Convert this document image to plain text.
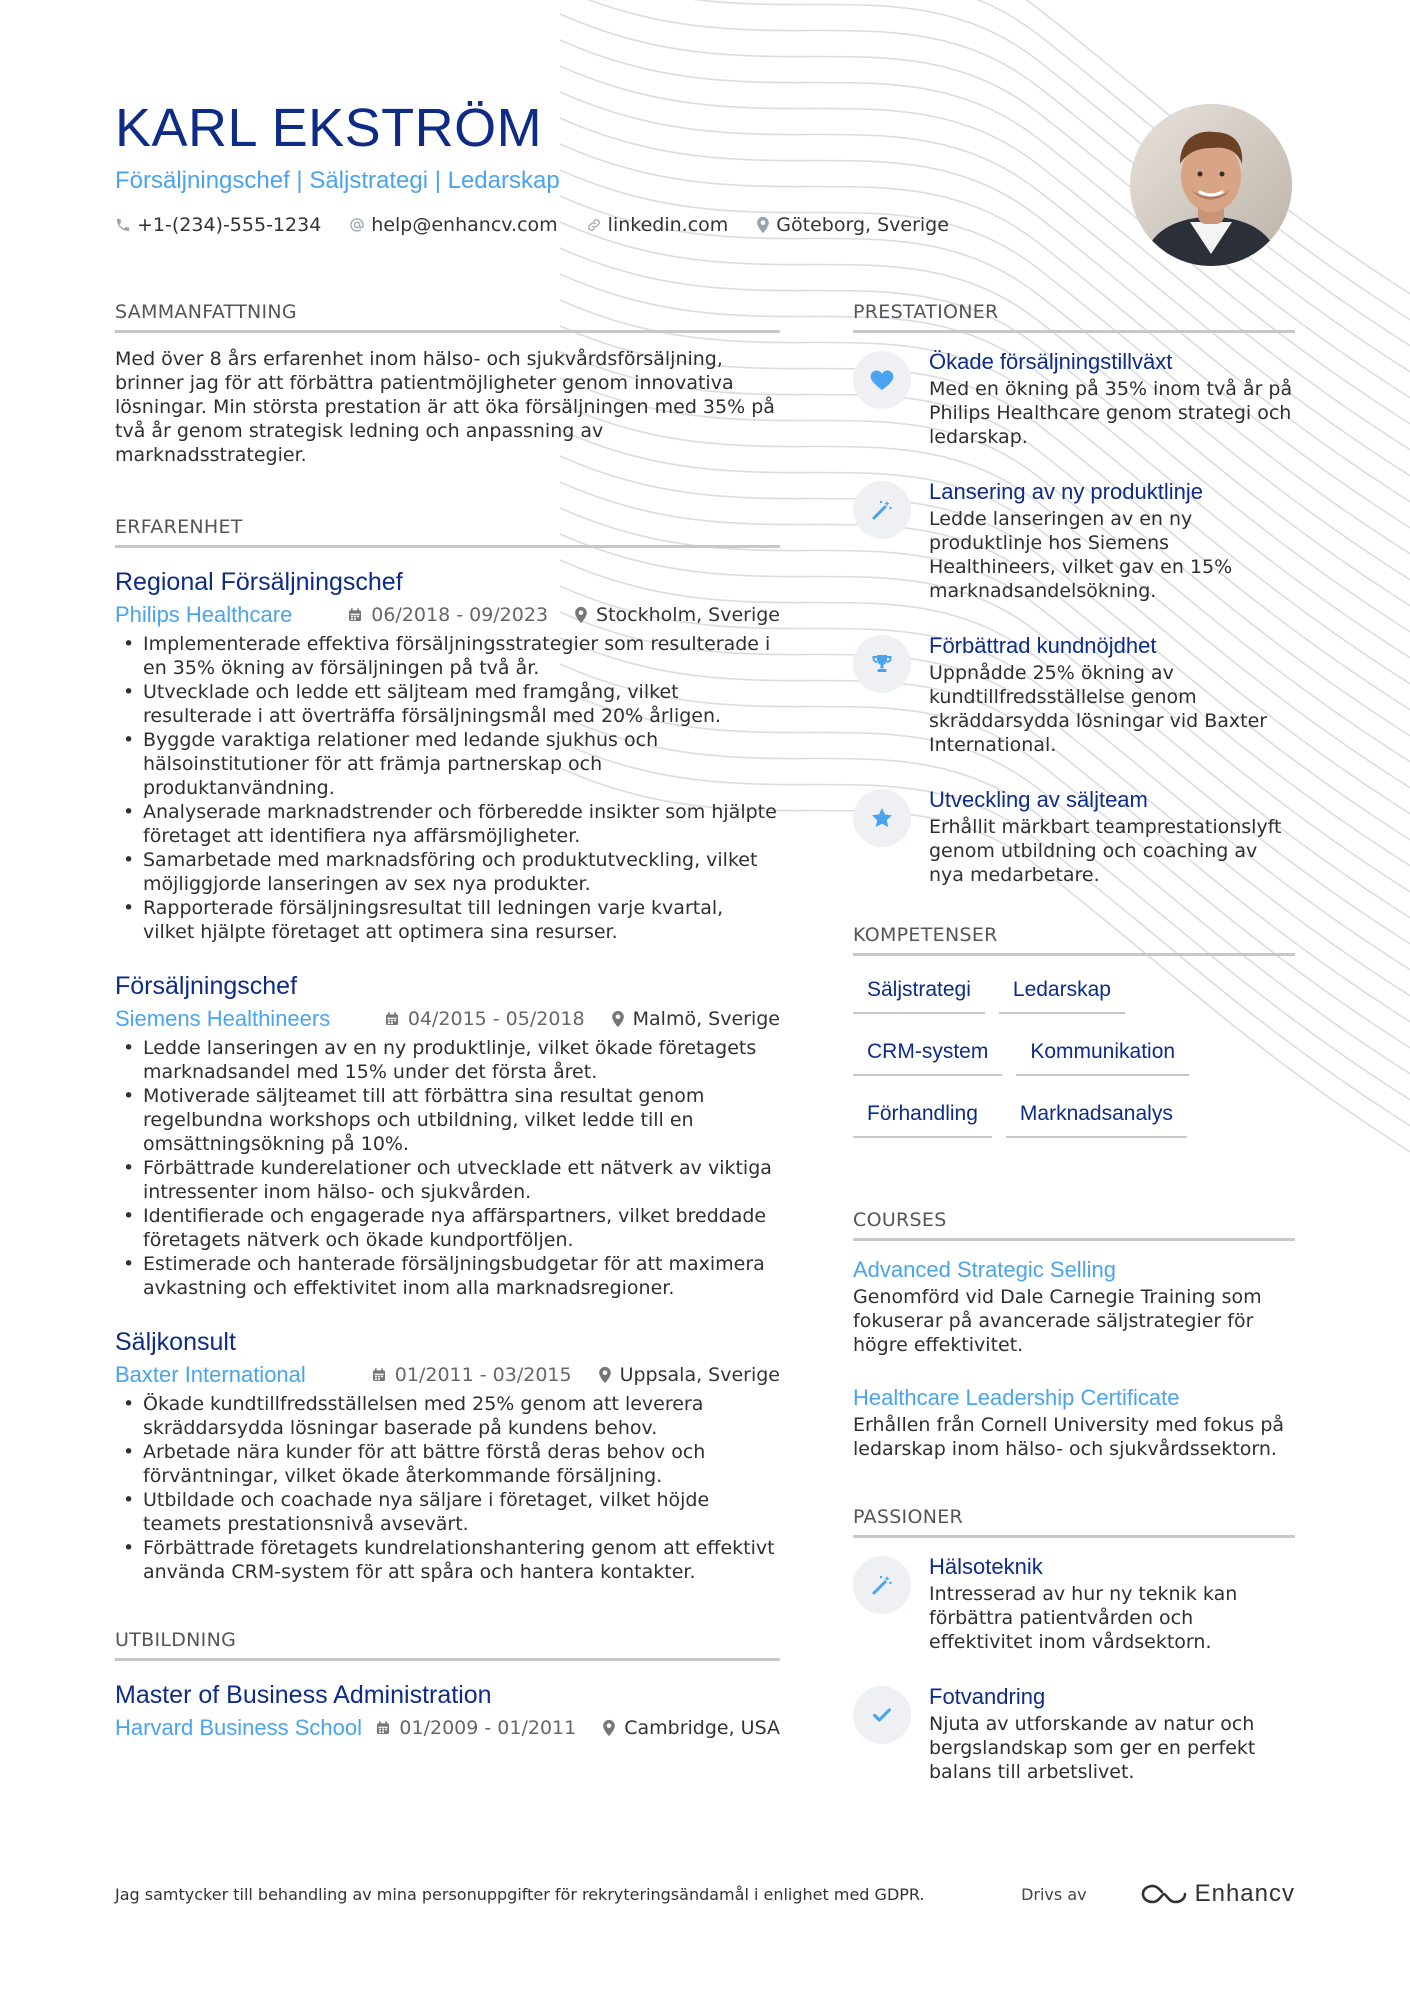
KARL EKSTRÖM
Försäljningschef | Säljstrategi | Ledarskap
+1-(234)-555-1234	help@enhancv.com	linkedin.com	Göteborg, Sverige
SAMMANFATTNING
Med över 8 års erfarenhet inom hälso- och sjukvårdsförsäljning, brinner jag för att förbättra patientmöjligheter genom innovativa lösningar. Min största prestation är att öka försäljningen med 35% på två år genom strategisk ledning och anpassning av marknadsstrategier.
ERFARENHET
Regional Försäljningschef
Philips Healthcare	06/2018 - 09/2023	Stockholm, Sverige
• Implementerade effektiva försäljningsstrategier som resulterade i en 35% ökning av försäljningen på två år.
• Utvecklade och ledde ett säljteam med framgång, vilket resulterade i att överträffa försäljningsmål med 20% årligen.
• Byggde varaktiga relationer med ledande sjukhus och hälsoinstitutioner för att främja partnerskap och produktanvändning.
• Analyserade marknadstrender och förberedde insikter som hjälpte företaget att identifiera nya affärsmöjligheter.
• Samarbetade med marknadsföring och produktutveckling, vilket möjliggjorde lanseringen av sex nya produkter.
• Rapporterade försäljningsresultat till ledningen varje kvartal, vilket hjälpte företaget att optimera sina resurser.
Försäljningschef
Siemens Healthineers	04/2015 - 05/2018	Malmö, Sverige
• Ledde lanseringen av en ny produktlinje, vilket ökade företagets marknadsandel med 15% under det första året.
• Motiverade säljteamet till att förbättra sina resultat genom regelbundna workshops och utbildning, vilket ledde till en omsättningsökning på 10%.
• Förbättrade kunderelationer och utvecklade ett nätverk av viktiga intressenter inom hälso- och sjukvården.
• Identifierade och engagerade nya affärspartners, vilket breddade företagets nätverk och ökade kundportföljen.
• Estimerade och hanterade försäljningsbudgetar för att maximera avkastning och effektivitet inom alla marknadsregioner.
Säljkonsult
Baxter International	01/2011 - 03/2015	Uppsala, Sverige
• Ökade kundtillfredsställelsen med 25% genom att leverera skräddarsydda lösningar baserade på kundens behov.
• Arbetade nära kunder för att bättre förstå deras behov och förväntningar, vilket ökade återkommande försäljning.
• Utbildade och coachade nya säljare i företaget, vilket höjde teamets prestationsnivå avsevärt.
• Förbättrade företagets kundrelationshantering genom att effektivt använda CRM-system för att spåra och hantera kontakter.
UTBILDNING
Master of Business Administration
Harvard Business School 01/2009 - 01/2011	Cambridge, USA
PRESTATIONER
Ökade försäljningstillväxt
Med en ökning på 35% inom två år på Philips Healthcare genom strategi och ledarskap.
Lansering av ny produktlinje
Ledde lanseringen av en ny produktlinje hos Siemens Healthineers, vilket gav en 15% marknadsandelsökning.
Förbättrad kundnöjdhet
Uppnådde 25% ökning av kundtillfredsställelse genom skräddarsydda lösningar vid Baxter International.
Utveckling av säljteam
Erhållit märkbart teamprestationslyft genom utbildning och coaching av nya medarbetare.
KOMPETENSER
Säljstrategi	Ledarskap
CRM-system	Kommunikation
Förhandling	Marknadsanalys
COURSES
Advanced Strategic Selling
Genomförd vid Dale Carnegie Training som fokuserar på avancerade säljstrategier för högre effektivitet.
Healthcare Leadership Certificate
Erhållen från Cornell University med fokus på ledarskap inom hälso- och sjukvårdssektorn.
PASSIONER
Hälsoteknik
Intresserad av hur ny teknik kan förbättra patientvården och effektivitet inom vårdsektorn.
Fotvandring
Njuta av utforskande av natur och bergslandskap som ger en perfekt balans till arbetslivet.
Jag samtycker till behandling av mina personuppgifter för rekryteringsändamål i enlighet med GDPR.	Drivs av	Enhancv
